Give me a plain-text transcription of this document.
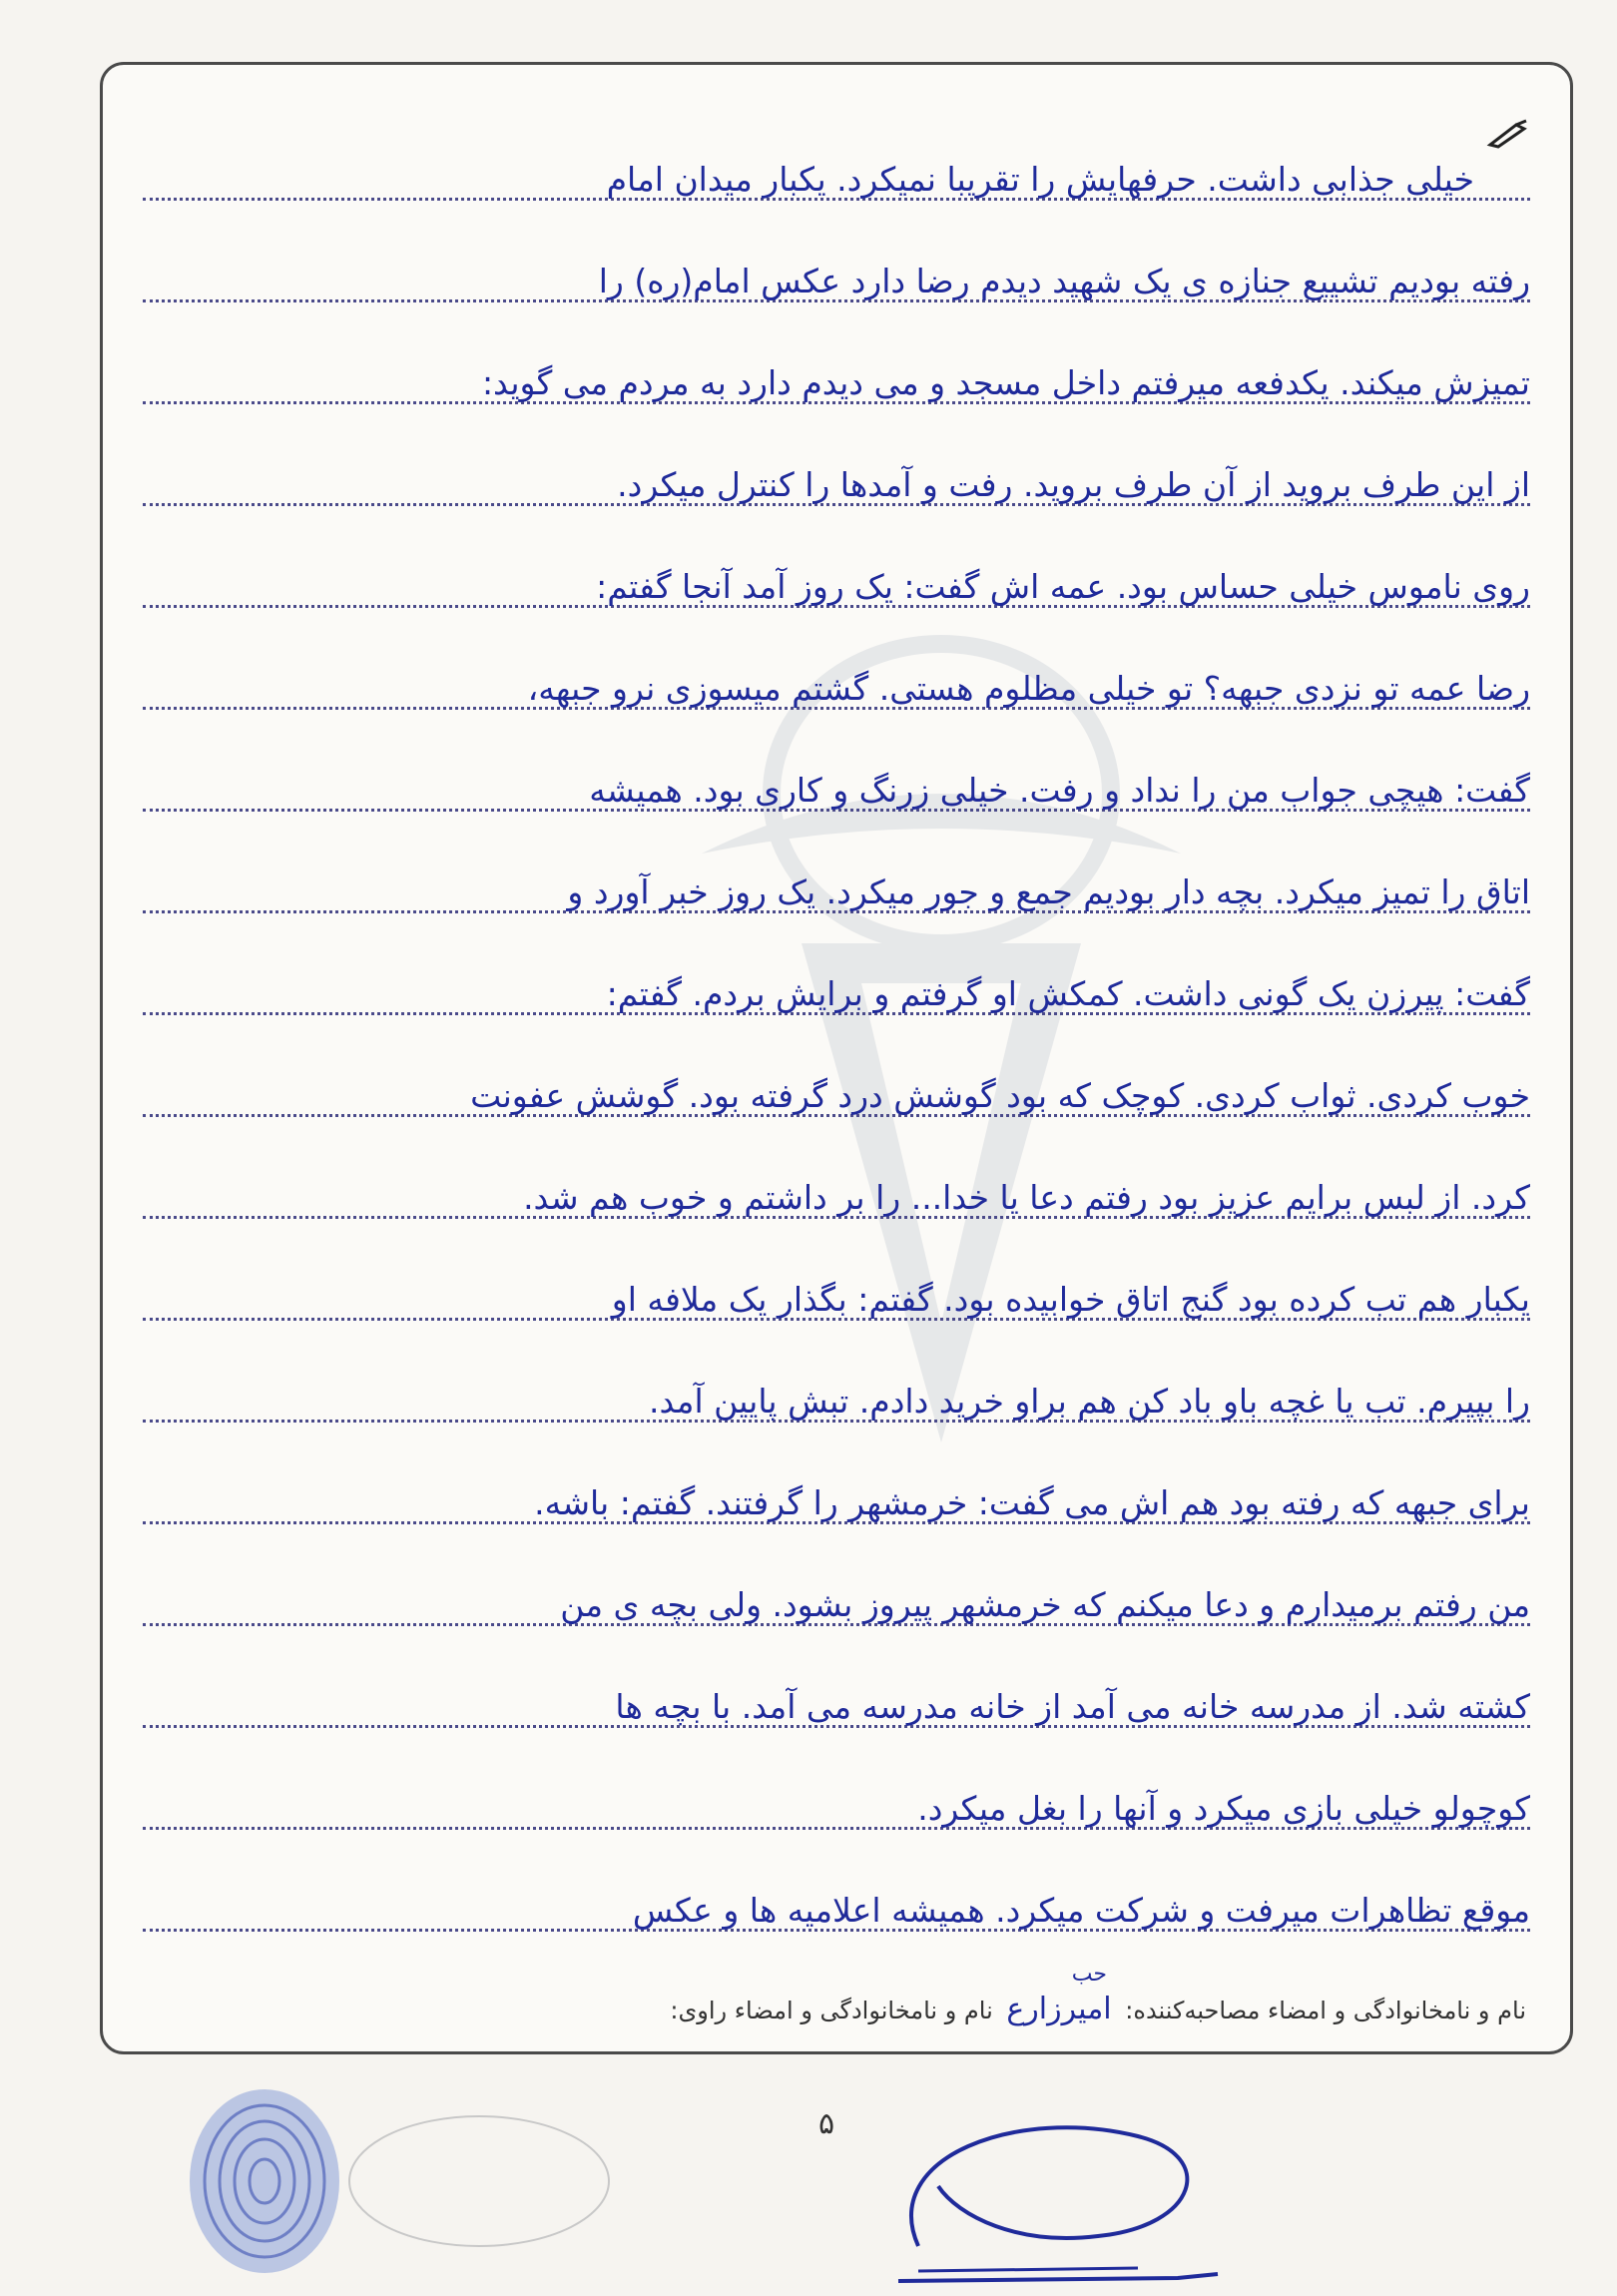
خیلی جذابی داشت. حرفهایش را تقریبا نمیکرد. یکبار میدان امام
رفته بودیم تشییع جنازه ی یک شهید دیدم رضا دارد عکس امام(ره) را
تمیزش میکند. یکدفعه میرفتم داخل مسجد و می دیدم دارد به مردم می گوید:
از این طرف بروید از آن طرف بروید. رفت و آمدها را کنترل میکرد.
روی ناموس خیلی حساس بود. عمه اش گفت: یک روز آمد آنجا گفتم:
رضا عمه تو نزدی جبهه؟ تو خیلی مظلوم هستی. گشتم میسوزی نرو جبهه،
گفت: هیچی جواب من را نداد و رفت. خیلی زرنگ و کاری بود. همیشه
اتاق را تمیز میکرد. بچه دار بودیم جمع و جور میکرد. یک روز خبر آورد و
گفت: پیرزن یک گونی داشت. کمکش او گرفتم و برایش بردم. گفتم:
خوب کردی. ثواب کردی. کوچک که بود گوشش درد گرفته بود. گوشش عفونت
کرد. از لبس برایم عزیز بود رفتم دعا یا خدا... را بر داشتم و خوب هم شد.
یکبار هم تب کرده بود گنج اتاق خوابیده بود. گفتم: بگذار یک ملافه او
را بپیرم. تب یا غچه باو باد کن هم براو خرید دادم. تبش پایین آمد.
برای جبهه که رفته بود هم اش می گفت: خرمشهر را گرفتند. گفتم: باشه.
من رفتم برمیدارم و دعا میکنم که خرمشهر پیروز بشود. ولی بچه ی من
کشته شد. از مدرسه خانه می آمد از خانه مدرسه می آمد. با بچه ها
کوچولو خیلی بازی میکرد و آنها را بغل میکرد.
موقع تظاهرات میرفت و شرکت میکرد. همیشه اعلامیه ها و عکس
نام و نامخانوادگی و امضاء مصاحبه‌کننده: امیرزارع
حب
نام و نامخانوادگی و امضاء راوی:
۵
